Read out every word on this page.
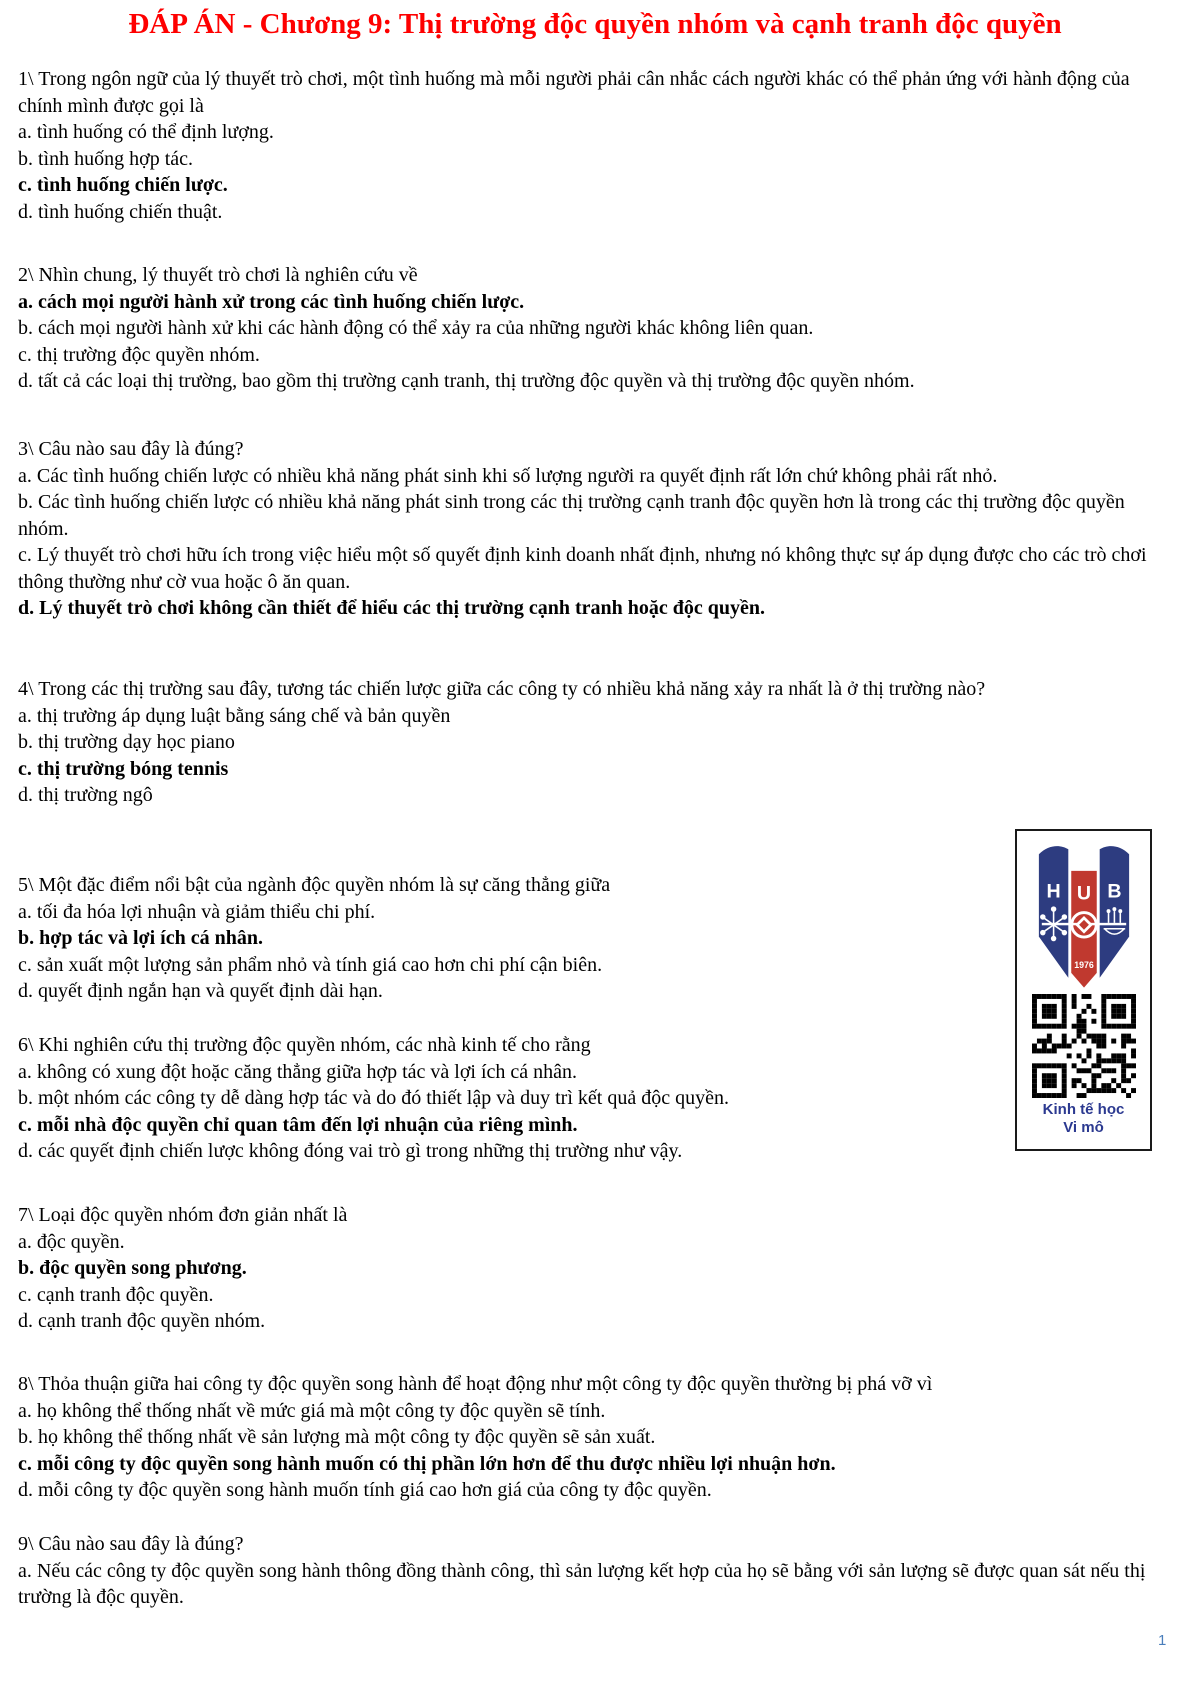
ĐÁP ÁN - Chương 9: Thị trường độc quyền nhóm và cạnh tranh độc quyền
1\ Trong ngôn ngữ của lý thuyết trò chơi, một tình huống mà mỗi người phải cân nhắc cách người khác có thể phản ứng với hành động của chính mình được gọi là
a. tình huống có thể định lượng.
b. tình huống hợp tác.
c. tình huống chiến lược.
d. tình huống chiến thuật.
2\ Nhìn chung, lý thuyết trò chơi là nghiên cứu về
a. cách mọi người hành xử trong các tình huống chiến lược.
b. cách mọi người hành xử khi các hành động có thể xảy ra của những người khác không liên quan.
c. thị trường độc quyền nhóm.
d. tất cả các loại thị trường, bao gồm thị trường cạnh tranh, thị trường độc quyền và thị trường độc quyền nhóm.
3\ Câu nào sau đây là đúng?
a. Các tình huống chiến lược có nhiều khả năng phát sinh khi số lượng người ra quyết định rất lớn chứ không phải rất nhỏ.
b. Các tình huống chiến lược có nhiều khả năng phát sinh trong các thị trường cạnh tranh độc quyền hơn là trong các thị trường độc quyền nhóm.
c. Lý thuyết trò chơi hữu ích trong việc hiểu một số quyết định kinh doanh nhất định, nhưng nó không thực sự áp dụng được cho các trò chơi thông thường như cờ vua hoặc ô ăn quan.
d. Lý thuyết trò chơi không cần thiết để hiểu các thị trường cạnh tranh hoặc độc quyền.
4\ Trong các thị trường sau đây, tương tác chiến lược giữa các công ty có nhiều khả năng xảy ra nhất là ở thị trường nào?
a. thị trường áp dụng luật bằng sáng chế và bản quyền
b. thị trường dạy học piano
c. thị trường bóng tennis
d. thị trường ngô
5\ Một đặc điểm nổi bật của ngành độc quyền nhóm là sự căng thẳng giữa
a. tối đa hóa lợi nhuận và giảm thiểu chi phí.
b. hợp tác và lợi ích cá nhân.
c. sản xuất một lượng sản phẩm nhỏ và tính giá cao hơn chi phí cận biên.
d. quyết định ngắn hạn và quyết định dài hạn.
6\ Khi nghiên cứu thị trường độc quyền nhóm, các nhà kinh tế cho rằng
a. không có xung đột hoặc căng thẳng giữa hợp tác và lợi ích cá nhân.
b. một nhóm các công ty dễ dàng hợp tác và do đó thiết lập và duy trì kết quả độc quyền.
c. mỗi nhà độc quyền chỉ quan tâm đến lợi nhuận của riêng mình.
d. các quyết định chiến lược không đóng vai trò gì trong những thị trường như vậy.
7\ Loại độc quyền nhóm đơn giản nhất là
a. độc quyền.
b. độc quyền song phương.
c. cạnh tranh độc quyền.
d. cạnh tranh độc quyền nhóm.
8\ Thỏa thuận giữa hai công ty độc quyền song hành để hoạt động như một công ty độc quyền thường bị phá vỡ vì
a. họ không thể thống nhất về mức giá mà một công ty độc quyền sẽ tính.
b. họ không thể thống nhất về sản lượng mà một công ty độc quyền sẽ sản xuất.
c. mỗi công ty độc quyền song hành muốn có thị phần lớn hơn để thu được nhiều lợi nhuận hơn.
d. mỗi công ty độc quyền song hành muốn tính giá cao hơn giá của công ty độc quyền.
9\ Câu nào sau đây là đúng?
a. Nếu các công ty độc quyền song hành thông đồng thành công, thì sản lượng kết hợp của họ sẽ bằng với sản lượng sẽ được quan sát nếu thị trường là độc quyền.
H U B
1976
Kinh tế học
Vi mô
1
